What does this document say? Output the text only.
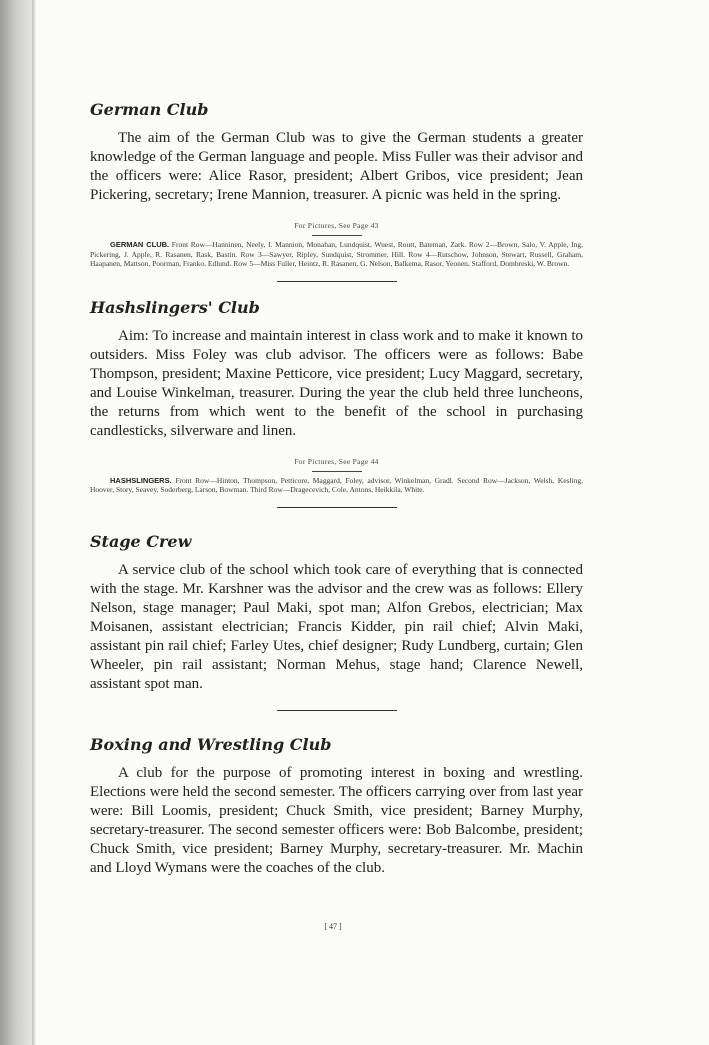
German Club

The aim of the German Club was to give the German students a greater knowledge of the German language and people. Miss Fuller was their advisor and the officers were: Alice Rasor, president; Albert Gribos, vice president; Jean Pickering, secretary; Irene Mannion, treasurer. A picnic was held in the spring.

For Pictures, See Page 43

GERMAN CLUB. Front Row—Hanninen, Neely, I. Mannion, Monahan, Lundquist, Wuest, Routt, Bateman, Zark. Row 2—Brown, Salo, V. Apple, Ing, Pickering, J. Apple, R. Rasanen, Rask, Bastin. Row 3—Sawyer, Ripley, Sundquist, Strommer, Hill. Row 4—Rutschow, Johnson, Stewart, Russell, Graham, Haapanen, Mattson, Poorman, Franko, Edlund. Row 5—Miss Fuller, Heintz, R. Rasanen, G. Nelson, Balkema, Rasor, Yeonen, Stafford, Dombreski, W. Brown.

Hashslingers' Club

Aim: To increase and maintain interest in class work and to make it known to outsiders. Miss Foley was club advisor. The officers were as follows: Babe Thompson, president; Maxine Petticore, vice president; Lucy Maggard, secretary, and Louise Winkelman, treasurer. During the year the club held three luncheons, the returns from which went to the benefit of the school in purchasing candlesticks, silverware and linen.

For Pictures, See Page 44

HASHSLINGERS. Front Row—Hinton, Thompson, Petticore, Maggard, Foley, advisor, Winkelman, Gradl. Second Row—Jackson, Welsh, Kesling, Hoover, Story, Seavey, Soderberg, Larson, Bowman. Third Row—Dragecevich, Cole, Antons, Heikkila, White.

Stage Crew

A service club of the school which took care of everything that is connected with the stage. Mr. Karshner was the advisor and the crew was as follows: Ellery Nelson, stage manager; Paul Maki, spot man; Alfon Grebos, electrician; Max Moisanen, assistant electrician; Francis Kidder, pin rail chief; Alvin Maki, assistant pin rail chief; Farley Utes, chief designer; Rudy Lundberg, curtain; Glen Wheeler, pin rail assistant; Norman Mehus, stage hand; Clarence Newell, assistant spot man.

Boxing and Wrestling Club

A club for the purpose of promoting interest in boxing and wrestling. Elections were held the second semester. The officers carrying over from last year were: Bill Loomis, president; Chuck Smith, vice president; Barney Murphy, secretary-treasurer. The second semester officers were: Bob Balcombe, president; Chuck Smith, vice president; Barney Murphy, secretary-treasurer. Mr. Machin and Lloyd Wymans were the coaches of the club.

[ 47 ]
